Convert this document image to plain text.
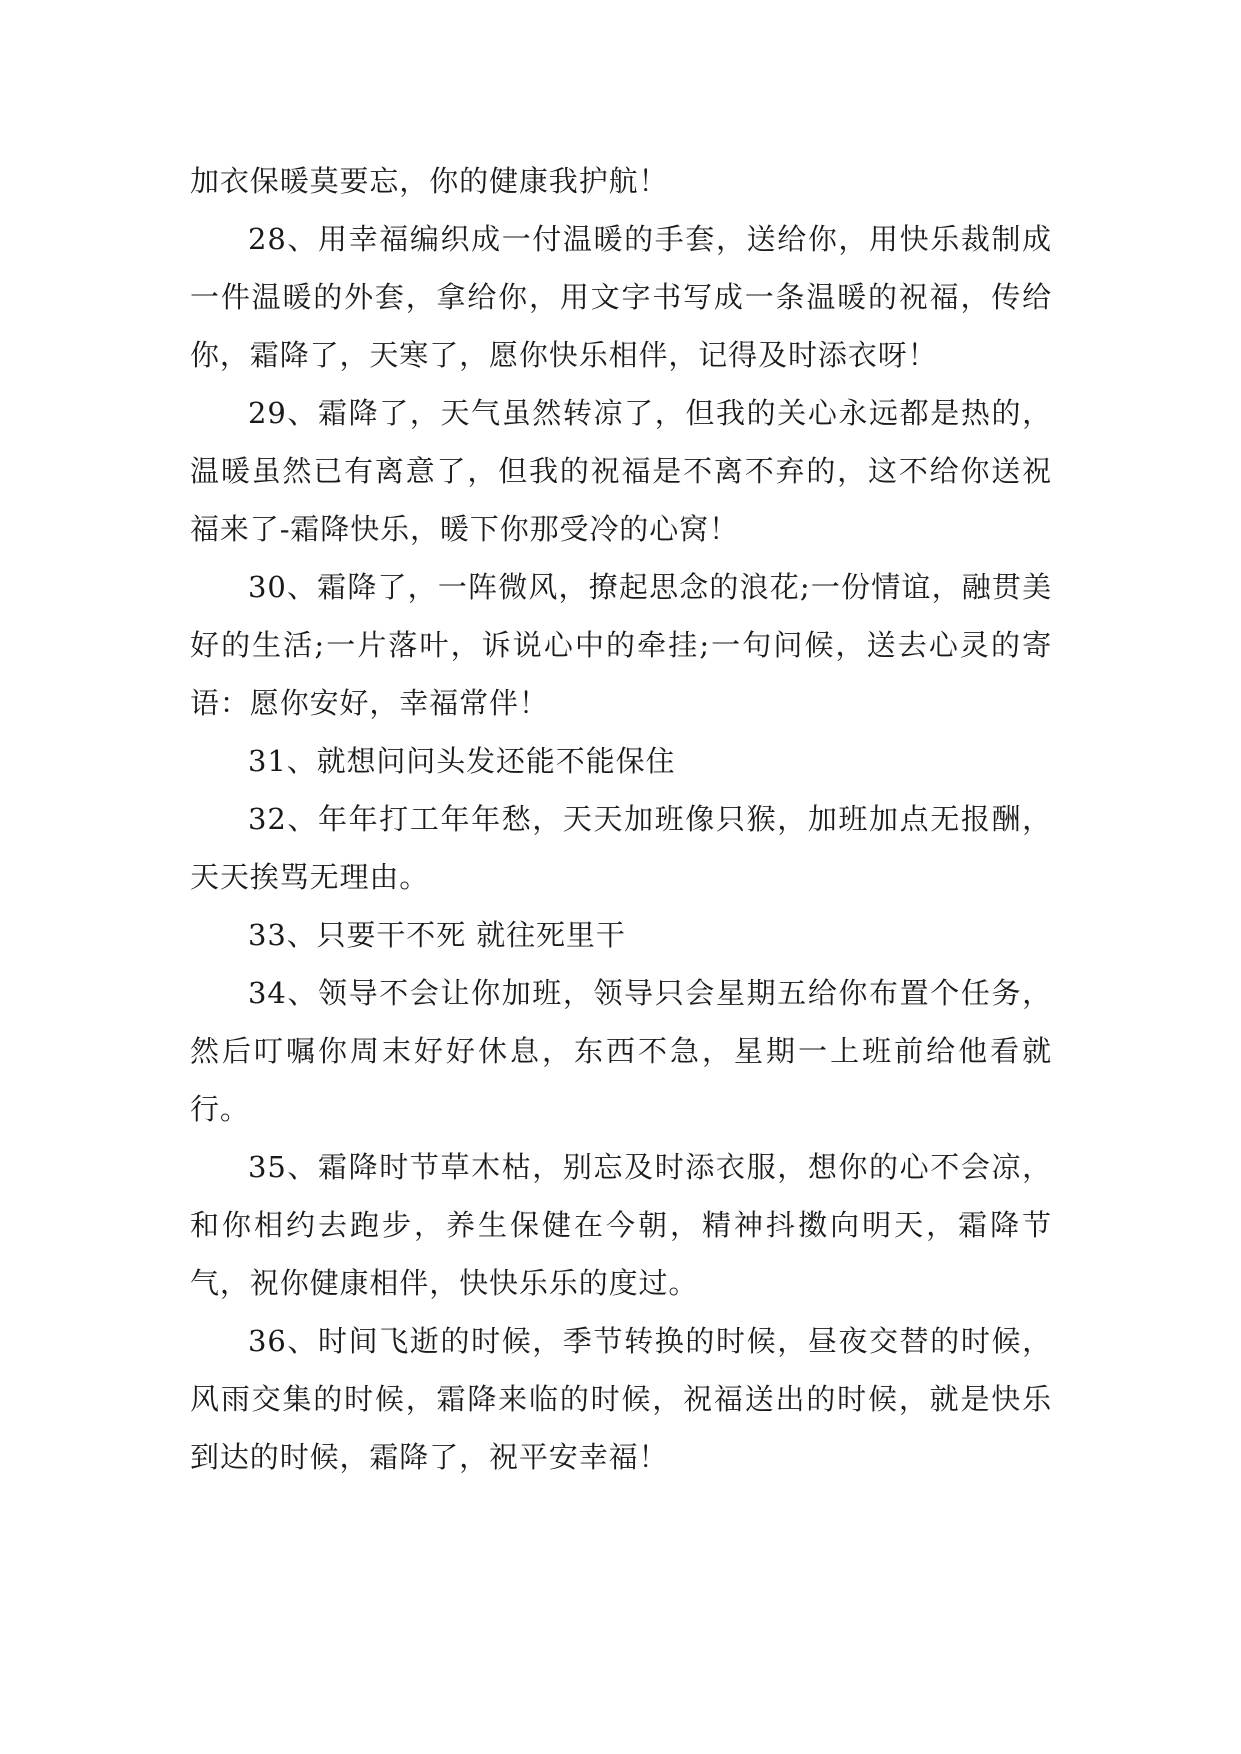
加衣保暖莫要忘，你的健康我护航！

28、用幸福编织成一付温暖的手套，送给你，用快乐裁制成一件温暖的外套，拿给你，用文字书写成一条温暖的祝福，传给你，霜降了，天寒了，愿你快乐相伴，记得及时添衣呀！

29、霜降了，天气虽然转凉了，但我的关心永远都是热的，温暖虽然已有离意了，但我的祝福是不离不弃的，这不给你送祝福来了-霜降快乐，暖下你那受冷的心窝！

30、霜降了，一阵微风，撩起思念的浪花;一份情谊，融贯美好的生活;一片落叶，诉说心中的牵挂;一句问候，送去心灵的寄语：愿你安好，幸福常伴！

31、就想问问头发还能不能保住

32、年年打工年年愁，天天加班像只猴，加班加点无报酬，天天挨骂无理由。

33、只要干不死 就往死里干

34、领导不会让你加班，领导只会星期五给你布置个任务，然后叮嘱你周末好好休息，东西不急，星期一上班前给他看就行。

35、霜降时节草木枯，别忘及时添衣服，想你的心不会凉，和你相约去跑步，养生保健在今朝，精神抖擞向明天，霜降节气，祝你健康相伴，快快乐乐的度过。

36、时间飞逝的时候，季节转换的时候，昼夜交替的时候，风雨交集的时候，霜降来临的时候，祝福送出的时候，就是快乐到达的时候，霜降了，祝平安幸福！
